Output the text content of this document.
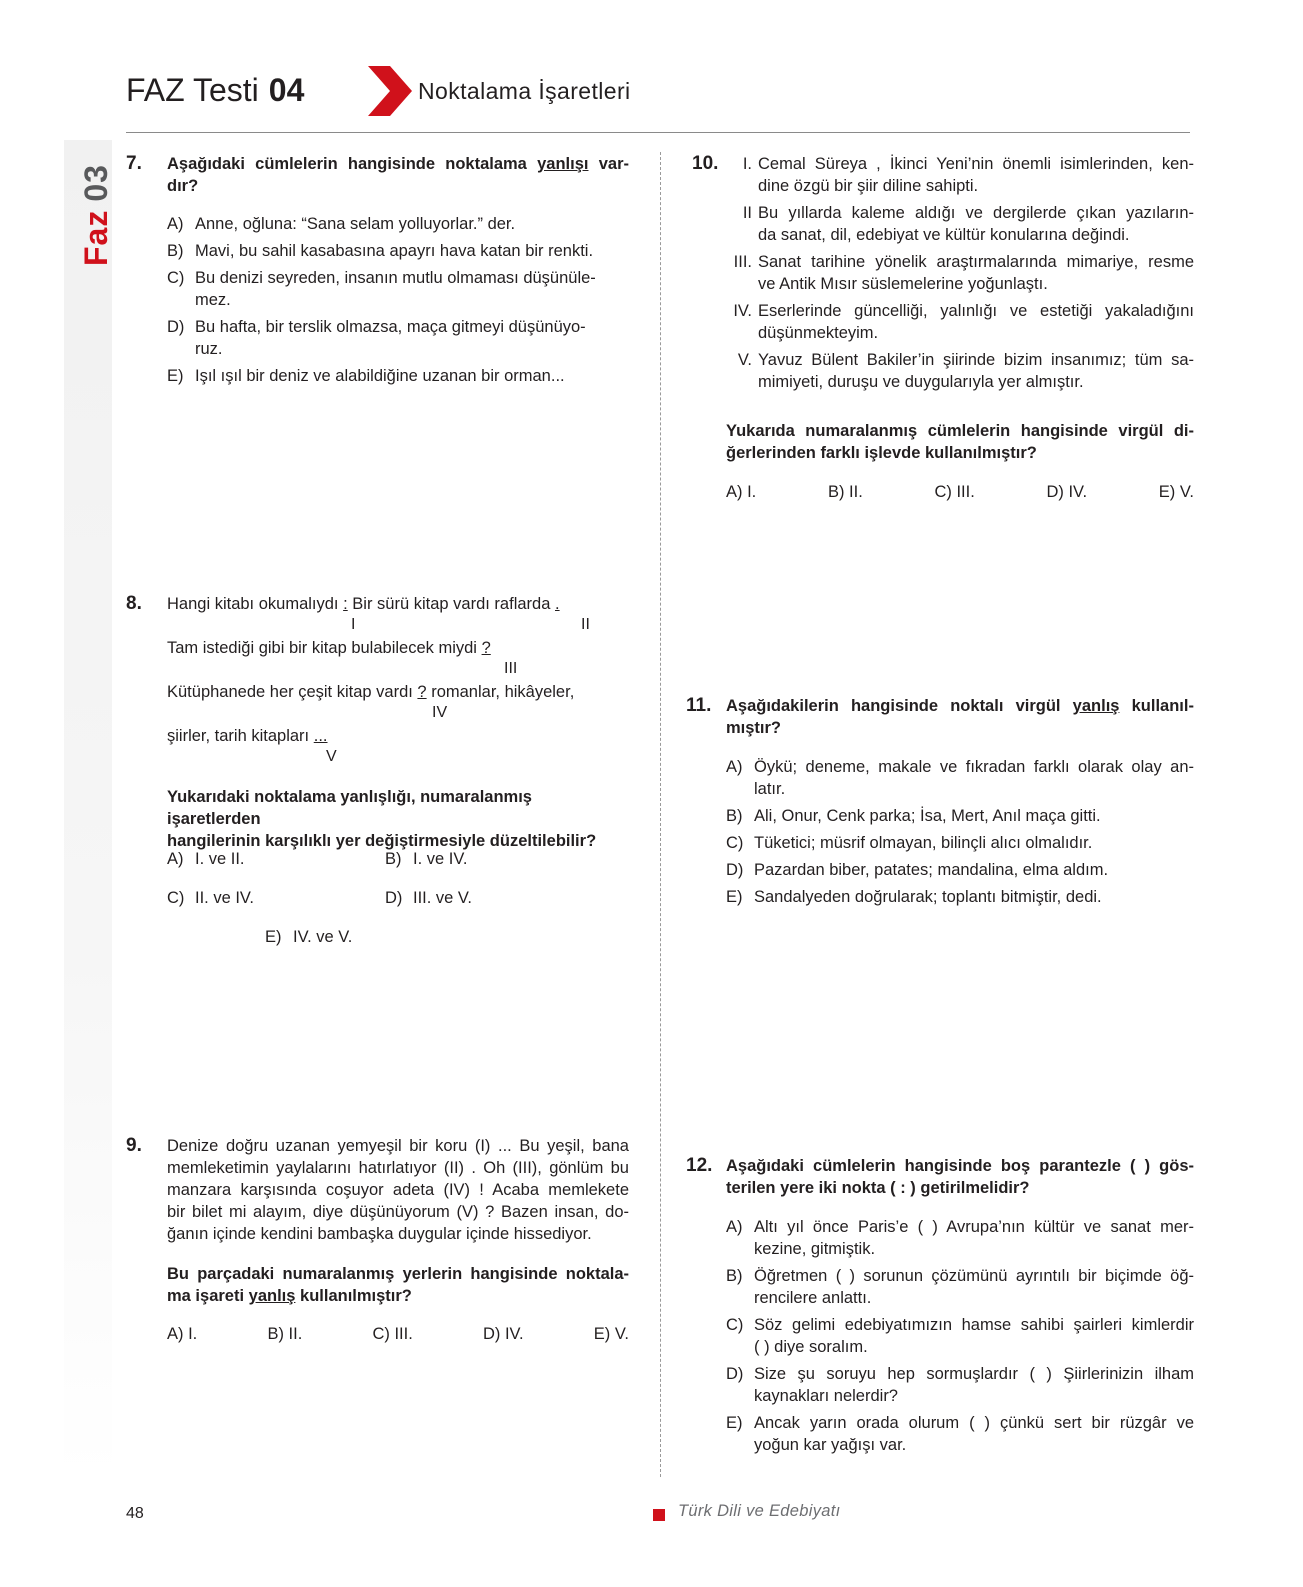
Faz03
FAZ Testi 04	Noktalama İşaretleri
7. Aşağıdaki cümlelerin hangisinde noktalama yanlışı var-
dır?
A) Anne, oğluna: “Sana selam yolluyorlar.” der.
B) Mavi, bu sahil kasabasına apayrı hava katan bir renkti.
C) Bu denizi seyreden, insanın mutlu olmaması düşünüle-
mez.
D) Bu hafta, bir terslik olmazsa, maça gitmeyi düşünüyo-
ruz.
E) Işıl ışıl bir deniz ve alabildiğine uzanan bir orman...
8. Hangi kitabı okumalıydı : Bir sürü kitap vardı raflarda .
I	II
Tam istediği gibi bir kitap bulabilecek miydi ?
III
Kütüphanede her çeşit kitap vardı ? romanlar, hikâyeler,
IV
şiirler, tarih kitapları ...
V
Yukarıdaki noktalama yanlışlığı, numaralanmış işaretlerden
hangilerinin karşılıklı yer değiştirmesiyle düzeltilebilir?
A) I. ve II.	B) I. ve IV.
C) II. ve IV.	D) III. ve V.
E) IV. ve V.
9. Denize doğru uzanan yemyeşil bir koru (I) ... Bu yeşil, bana
memleketimin yaylalarını hatırlatıyor (II) . Oh (III), gönlüm bu
manzara karşısında coşuyor adeta (IV) ! Acaba memlekete
bir bilet mi alayım, diye düşünüyorum (V) ? Bazen insan, do-
ğanın içinde kendini bambaşka duygular içinde hissediyor.
Bu parçadaki numaralanmış yerlerin hangisinde noktala-
ma işareti yanlış kullanılmıştır?
A) I.	B) II.	C) III.	D) IV.	E) V.
10.	I. Cemal Süreya , İkinci Yeni’nin önemli isimlerinden, ken-
dine özgü bir şiir diline sahipti.
II Bu yıllarda kaleme aldığı ve dergilerde çıkan yazıların-
da sanat, dil, edebiyat ve kültür konularına değindi.
III. Sanat tarihine yönelik araştırmalarında mimariye, resme
ve Antik Mısır süslemelerine yoğunlaştı.
IV. Eserlerinde güncelliği, yalınlığı ve estetiği yakaladığını
düşünmekteyim.
V. Yavuz Bülent Bakiler’in şiirinde bizim insanımız; tüm sa-
mimiyeti, duruşu ve duygularıyla yer almıştır.
Yukarıda numaralanmış cümlelerin hangisinde virgül di-
ğerlerinden farklı işlevde kullanılmıştır?
A) I.	B) II.	C) III.	D) IV.	E) V.
11. Aşağıdakilerin hangisinde noktalı virgül yanlış kullanıl-
mıştır?
A) Öykü; deneme, makale ve fıkradan farklı olarak olay an-
latır.
B) Ali, Onur, Cenk parka; İsa, Mert, Anıl maça gitti.
C) Tüketici; müsrif olmayan, bilinçli alıcı olmalıdır.
D) Pazardan biber, patates; mandalina, elma aldım.
E) Sandalyeden doğrularak; toplantı bitmiştir, dedi.
12. Aşağıdaki cümlelerin hangisinde boş parantezle ( ) gös-
terilen yere iki nokta ( : ) getirilmelidir?
A) Altı yıl önce Paris’e ( ) Avrupa’nın kültür ve sanat mer-
kezine, gitmiştik.
B) Öğretmen ( ) sorunun çözümünü ayrıntılı bir biçimde öğ-
rencilere anlattı.
C) Söz gelimi edebiyatımızın hamse sahibi şairleri kimlerdir
( ) diye soralım.
D) Size şu soruyu hep sormuşlardır ( ) Şiirlerinizin ilham
kaynakları nelerdir?
E) Ancak yarın orada olurum ( ) çünkü sert bir rüzgâr ve
yoğun kar yağışı var.
48	Türk Dili ve Edebiyatı
